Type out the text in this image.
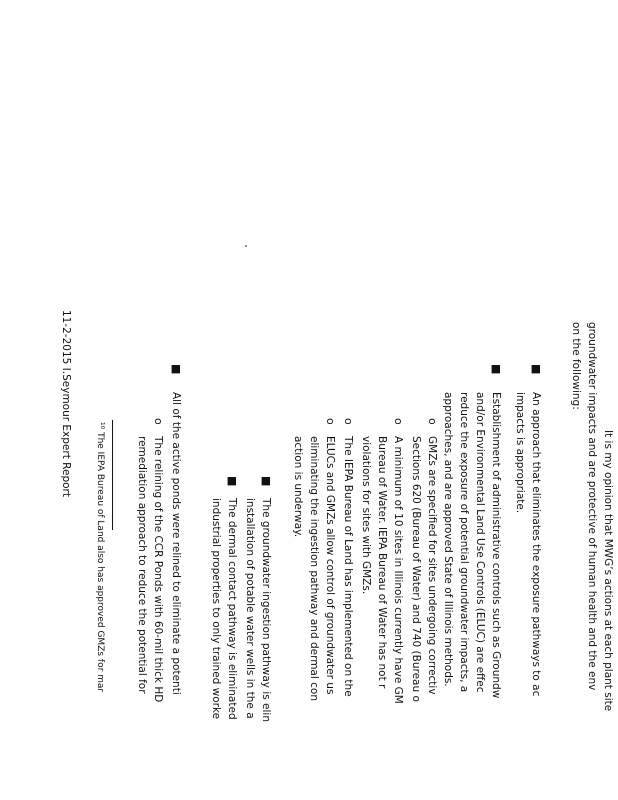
It is my opinion that MWG’s actions at each plant site
groundwater impacts and are protective of human health and the env
on the following:
■
An approach that eliminates the exposure pathways to ac
impacts is appropriate.
■
Establishment of administrative controls such as Groundw
and/or Environmental Land Use Controls (ELUC) are effec
reduce the exposure of potential groundwater impacts, a
approaches, and are approved State of Illinois methods.
o
GMZs are specified for sites undergoing correctiv
Sections 620 (Bureau of Water) and 740 (Bureau o
o
A minimum of 10 sites in Illinois currently have GM
Bureau of Water. IEPA Bureau of Water has not r
violations for sites with GMZs.
o
The IEPA Bureau of Land has implemented on the
o
ELUCs and GMZs allow control of groundwater us
eliminating the ingestion pathway and dermal con
action is underway.
■
The groundwater ingestion pathway is elin
installation of potable water wells in the a
■
The dermal contact pathway is eliminated
industrial properties to only trained worke
■
All of the active ponds were relined to eliminate a potenti
o
The relining of the CCR Ponds with 60-mil thick HD
remediation approach to reduce the potential for
¹⁰ The IEPA Bureau of Land also has approved GMZs for mar
11-2-2015 I.Seymour Expert Report
